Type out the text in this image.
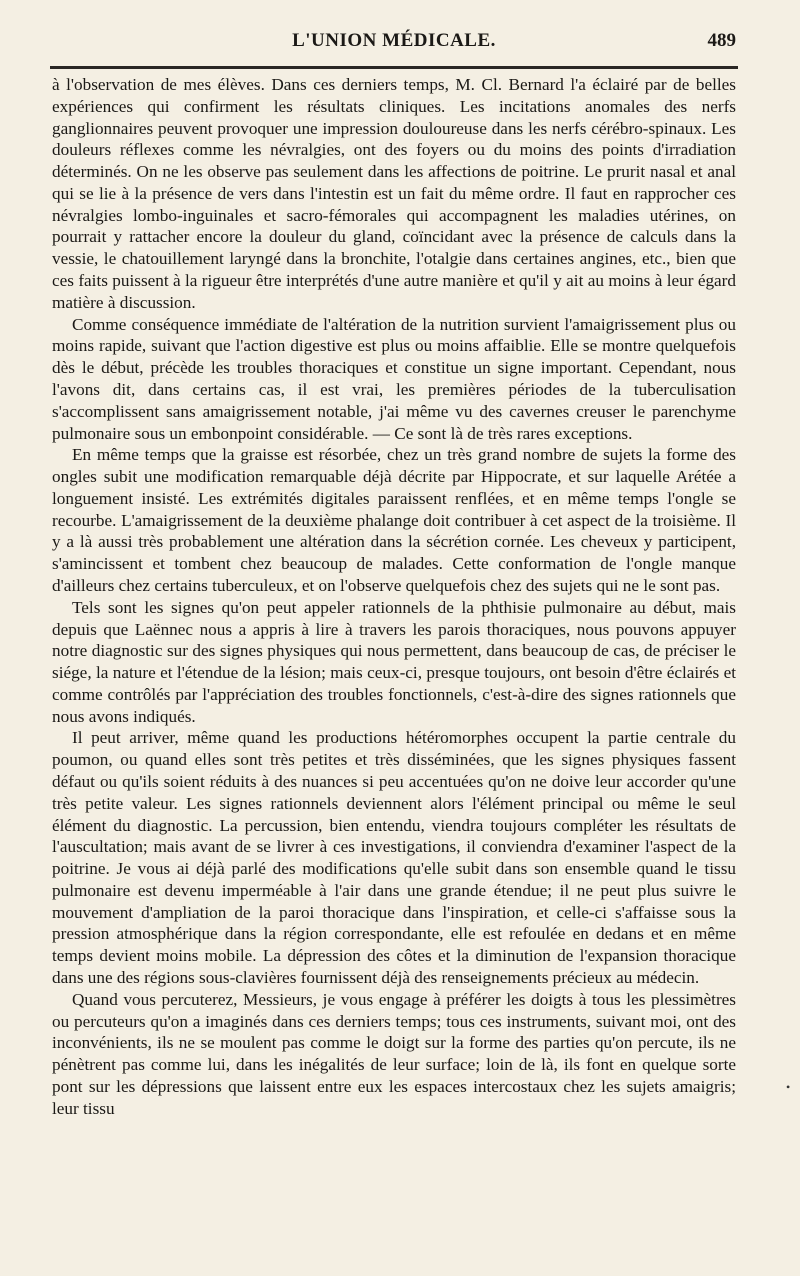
L'UNION MÉDICALE.	489

à l'observation de mes élèves. Dans ces derniers temps, M. Cl. Bernard l'a éclairé par de belles expériences qui confirment les résultats cliniques. Les incitations anomales des nerfs ganglionnaires peuvent provoquer une impression douloureuse dans les nerfs cérébro-spinaux. Les douleurs réflexes comme les névralgies, ont des foyers ou du moins des points d'irradiation déterminés. On ne les observe pas seulement dans les affections de poitrine. Le prurit nasal et anal qui se lie à la présence de vers dans l'intestin est un fait du même ordre. Il faut en rapprocher ces névralgies lombo-inguinales et sacro-fémorales qui accompagnent les maladies utérines, on pourrait y rattacher encore la douleur du gland, coïncidant avec la présence de calculs dans la vessie, le chatouillement laryngé dans la bronchite, l'otalgie dans certaines angines, etc., bien que ces faits puissent à la rigueur être interprétés d'une autre manière et qu'il y ait au moins à leur égard matière à discussion.

Comme conséquence immédiate de l'altération de la nutrition survient l'amaigrissement plus ou moins rapide, suivant que l'action digestive est plus ou moins affaiblie. Elle se montre quelquefois dès le début, précède les troubles thoraciques et constitue un signe important. Cependant, nous l'avons dit, dans certains cas, il est vrai, les premières périodes de la tuberculisation s'accomplissent sans amaigrissement notable, j'ai même vu des cavernes creuser le parenchyme pulmonaire sous un embonpoint considérable. — Ce sont là de très rares exceptions.

En même temps que la graisse est résorbée, chez un très grand nombre de sujets la forme des ongles subit une modification remarquable déjà décrite par Hippocrate, et sur laquelle Arétée a longuement insisté. Les extrémités digitales paraissent renflées, et en même temps l'ongle se recourbe. L'amaigrissement de la deuxième phalange doit contribuer à cet aspect de la troisième. Il y a là aussi très probablement une altération dans la sécrétion cornée. Les cheveux y participent, s'amincissent et tombent chez beaucoup de malades. Cette conformation de l'ongle manque d'ailleurs chez certains tuberculeux, et on l'observe quelquefois chez des sujets qui ne le sont pas.

Tels sont les signes qu'on peut appeler rationnels de la phthisie pulmonaire au début, mais depuis que Laënnec nous a appris à lire à travers les parois thoraciques, nous pouvons appuyer notre diagnostic sur des signes physiques qui nous permettent, dans beaucoup de cas, de préciser le siége, la nature et l'étendue de la lésion; mais ceux-ci, presque toujours, ont besoin d'être éclairés et comme contrôlés par l'appréciation des troubles fonctionnels, c'est-à-dire des signes rationnels que nous avons indiqués.

Il peut arriver, même quand les productions hétéromorphes occupent la partie centrale du poumon, ou quand elles sont très petites et très disséminées, que les signes physiques fassent défaut ou qu'ils soient réduits à des nuances si peu accentuées qu'on ne doive leur accorder qu'une très petite valeur. Les signes rationnels deviennent alors l'élément principal ou même le seul élément du diagnostic. La percussion, bien entendu, viendra toujours compléter les résultats de l'auscultation; mais avant de se livrer à ces investigations, il conviendra d'examiner l'aspect de la poitrine. Je vous ai déjà parlé des modifications qu'elle subit dans son ensemble quand le tissu pulmonaire est devenu imperméable à l'air dans une grande étendue; il ne peut plus suivre le mouvement d'ampliation de la paroi thoracique dans l'inspiration, et celle-ci s'affaisse sous la pression atmosphérique dans la région correspondante, elle est refoulée en dedans et en même temps devient moins mobile. La dépression des côtes et la diminution de l'expansion thoracique dans une des régions sous-clavières fournissent déjà des renseignements précieux au médecin.

Quand vous percuterez, Messieurs, je vous engage à préférer les doigts à tous les plessimètres ou percuteurs qu'on a imaginés dans ces derniers temps; tous ces instruments, suivant moi, ont des inconvénients, ils ne se moulent pas comme le doigt sur la forme des parties qu'on percute, ils ne pénètrent pas comme lui, dans les inégalités de leur surface; loin de là, ils font en quelque sorte pont sur les dépressions que laissent entre eux les espaces intercostaux chez les sujets amaigris; leur tissu

•
